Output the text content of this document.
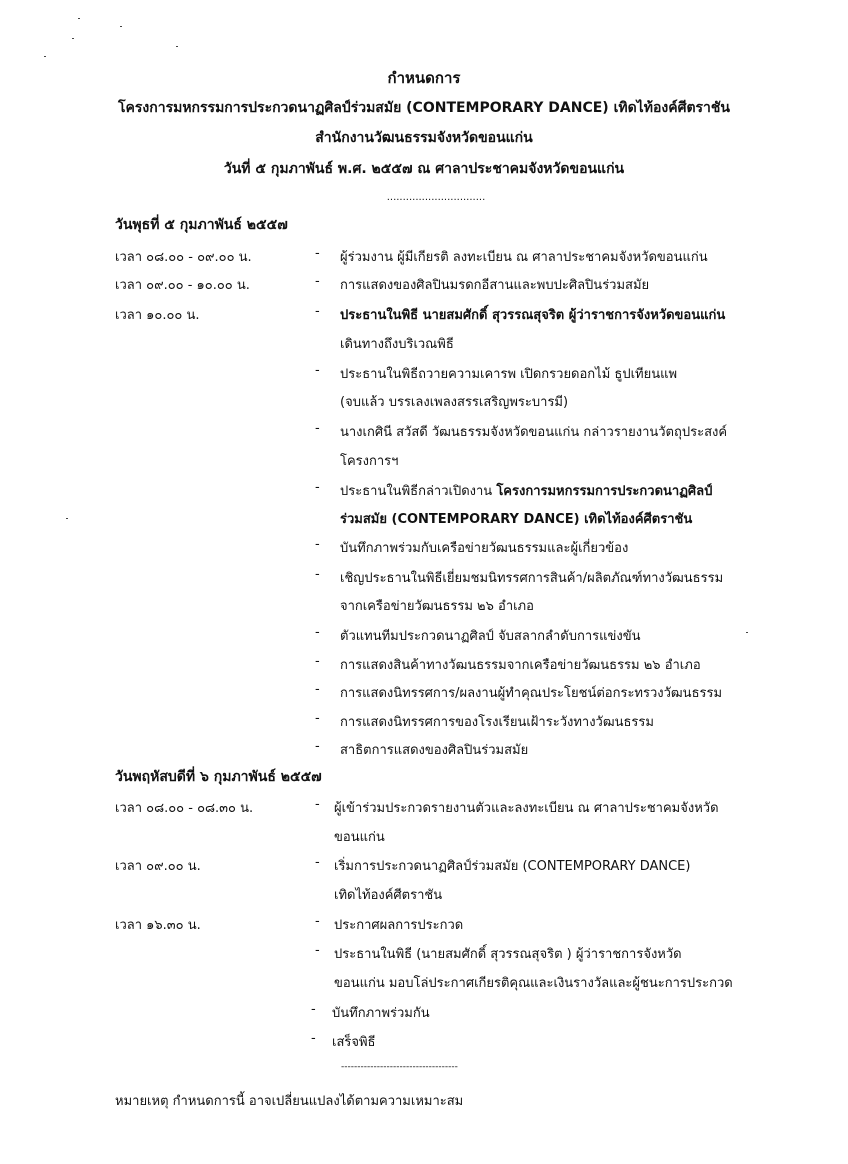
กำหนดการ
โครงการมหกรรมการประกวดนาฏศิลป์ร่วมสมัย (CONTEMPORARY DANCE) เทิดไท้องค์ศีตราชัน
สำนักงานวัฒนธรรมจังหวัดขอนแก่น
วันที่ ๕ กุมภาพันธ์ พ.ศ. ๒๕๕๗ ณ ศาลาประชาคมจังหวัดขอนแก่น
...............................
วันพุธที่ ๕ กุมภาพันธ์ ๒๕๕๗
เวลา ๐๘.๐๐ - ๐๙.๐๐ น.	- ผู้ร่วมงาน ผู้มีเกียรติ ลงทะเบียน ณ ศาลาประชาคมจังหวัดขอนแก่น
เวลา ๐๙.๐๐ - ๑๐.๐๐ น.	- การแสดงของศิลปินมรดกอีสานและพบปะศิลปินร่วมสมัย
เวลา ๑๐.๐๐ น.	- ประธานในพิธี นายสมศักดิ์ สุวรรณสุจริต ผู้ว่าราชการจังหวัดขอนแก่น
เดินทางถึงบริเวณพิธี
- ประธานในพิธีถวายความเคารพ เปิดกรวยดอกไม้ ธูปเทียนแพ
(จบแล้ว บรรเลงเพลงสรรเสริญพระบารมี)
- นางเกศินี สวัสดี วัฒนธรรมจังหวัดขอนแก่น กล่าวรายงานวัตถุประสงค์
โครงการฯ
- ประธานในพิธีกล่าวเปิดงาน โครงการมหกรรมการประกวดนาฏศิลป์
ร่วมสมัย (CONTEMPORARY DANCE) เทิดไท้องค์ศีตราชัน
- บันทึกภาพร่วมกับเครือข่ายวัฒนธรรมและผู้เกี่ยวข้อง
- เชิญประธานในพิธีเยี่ยมชมนิทรรศการสินค้า/ผลิตภัณฑ์ทางวัฒนธรรม
จากเครือข่ายวัฒนธรรม ๒๖ อำเภอ
- ตัวแทนทีมประกวดนาฏศิลป์ จับสลากลำดับการแข่งขัน
- การแสดงสินค้าทางวัฒนธรรมจากเครือข่ายวัฒนธรรม ๒๖ อำเภอ
- การแสดงนิทรรศการ/ผลงานผู้ทำคุณประโยชน์ต่อกระทรวงวัฒนธรรม
- การแสดงนิทรรศการของโรงเรียนเฝ้าระวังทางวัฒนธรรม
- สาธิตการแสดงของศิลปินร่วมสมัย
วันพฤหัสบดีที่ ๖ กุมภาพันธ์ ๒๕๕๗
เวลา ๐๘.๐๐ - ๐๘.๓๐ น.	- ผู้เข้าร่วมประกวดรายงานตัวและลงทะเบียน ณ ศาลาประชาคมจังหวัด
ขอนแก่น
เวลา ๐๙.๐๐ น.	- เริ่มการประกวดนาฏศิลป์ร่วมสมัย (CONTEMPORARY DANCE)
เทิดไท้องค์ศีตราชัน
เวลา ๑๖.๓๐ น.	- ประกาศผลการประกวด
- ประธานในพิธี (นายสมศักดิ์ สุวรรณสุจริต ) ผู้ว่าราชการจังหวัด
ขอนแก่น มอบโล่ประกาศเกียรติคุณและเงินรางวัลและผู้ชนะการประกวด
- บันทึกภาพร่วมกัน
- เสร็จพิธี
------------------------------------
หมายเหตุ กำหนดการนี้ อาจเปลี่ยนแปลงได้ตามความเหมาะสม
